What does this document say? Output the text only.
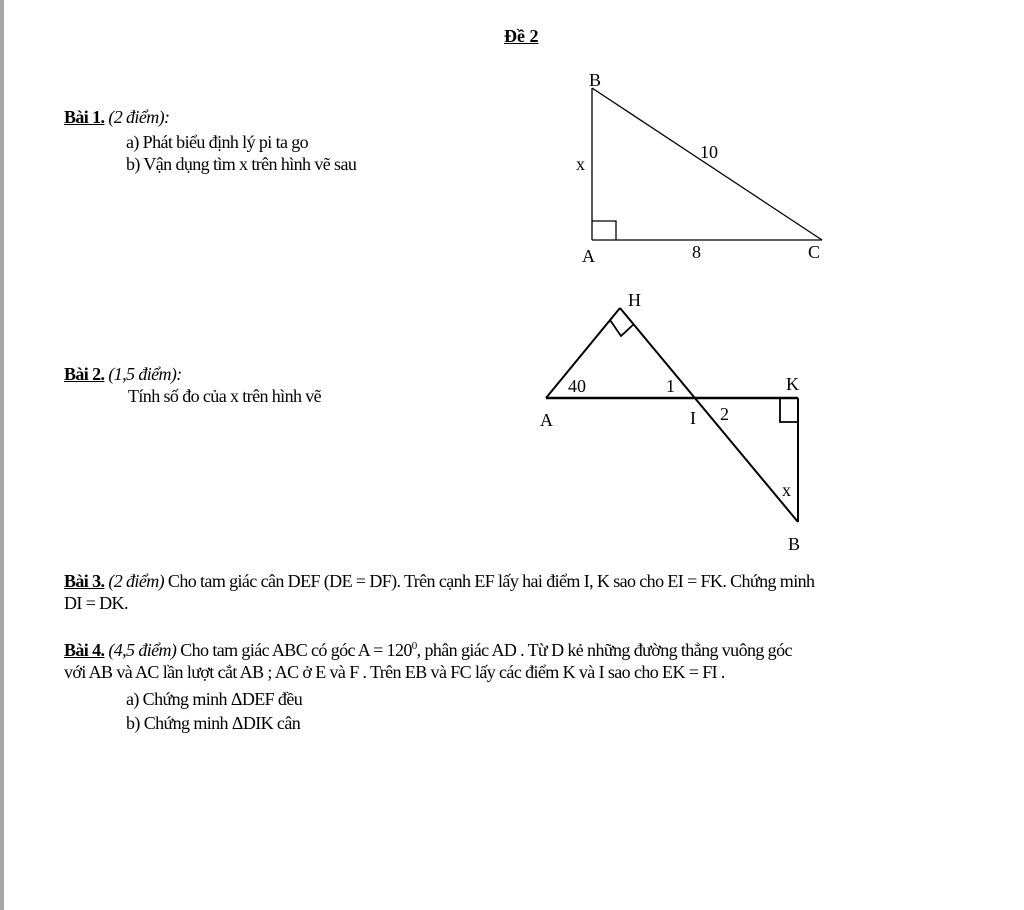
Đề 2
Bài 1. (2 điểm):
a) Phát biểu định lý pi ta go
b) Vận dụng tìm x trên hình vẽ sau
B
A	C
x
10
8
Bài 2. (1,5 điểm):
Tính số đo của x trên hình vẽ
H
A	I
K
B
40	1
2
x
Bài 3. (2 điểm) Cho tam giác cân DEF (DE = DF). Trên cạnh EF lấy hai điểm I, K sao cho EI = FK. Chứng minh
DI = DK.
Bài 4. (4,5 điểm) Cho tam giác ABC có góc $A = 120^0$, phân giác AD . Từ D kẻ những đường thẳng vuông góc
với AB và AC lần lượt cắt AB ; AC ở E và F . Trên EB và FC lấy các điểm K và I sao cho EK = FI .
a) Chứng minh ΔDEF đều
b) Chứng minh ΔDIK cân
